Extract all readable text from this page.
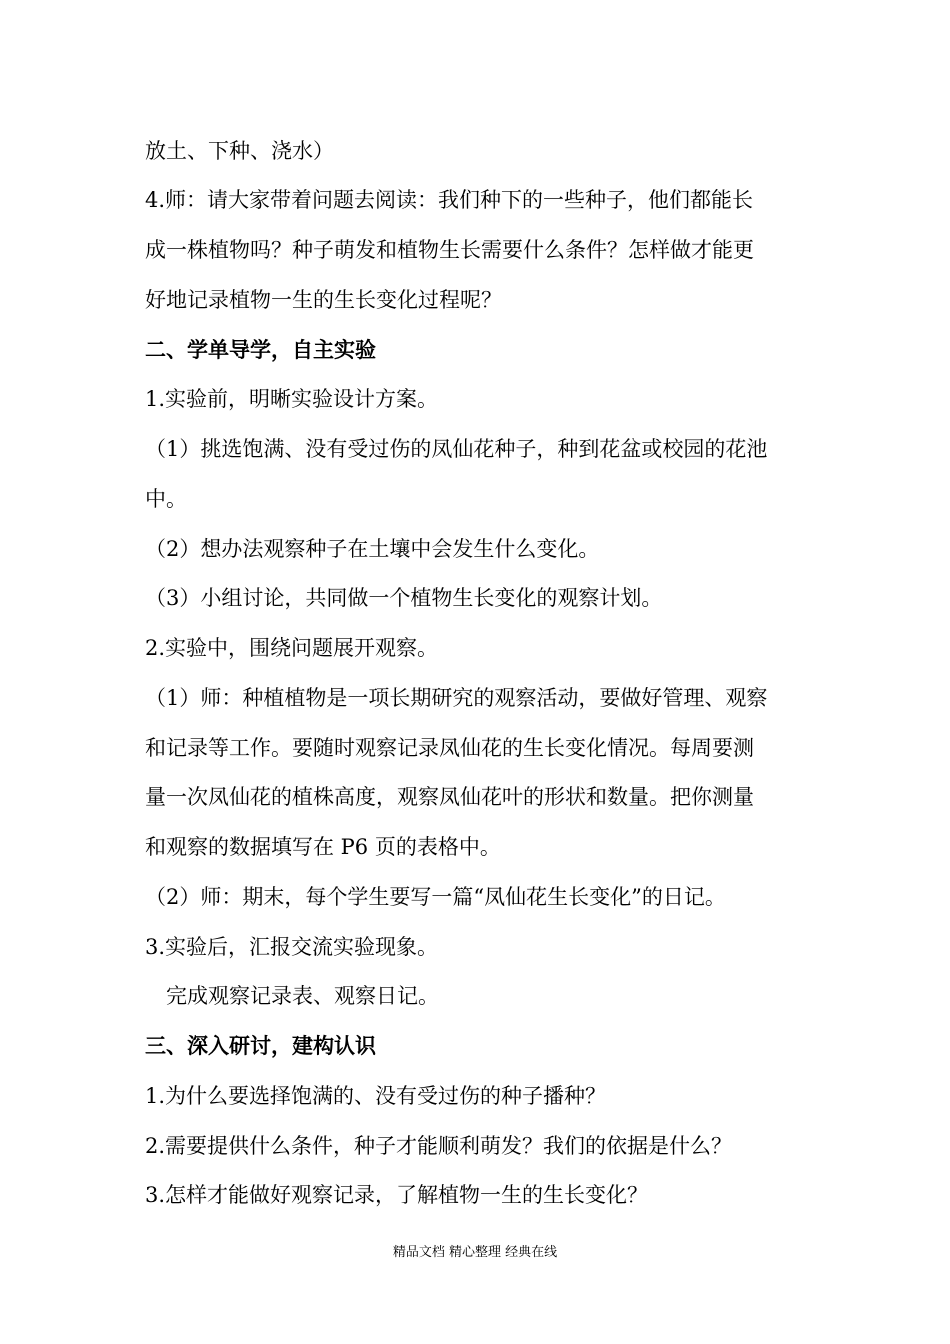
放土、下种、浇水）
4.师：请大家带着问题去阅读：我们种下的一些种子，他们都能长
成一株植物吗？种子萌发和植物生长需要什么条件？怎样做才能更
好地记录植物一生的生长变化过程呢？
二、学单导学，自主实验
1.实验前，明晰实验设计方案。
（1）挑选饱满、没有受过伤的凤仙花种子，种到花盆或校园的花池
中。
（2）想办法观察种子在土壤中会发生什么变化。
（3）小组讨论，共同做一个植物生长变化的观察计划。
2.实验中，围绕问题展开观察。
（1）师：种植植物是一项长期研究的观察活动，要做好管理、观察
和记录等工作。要随时观察记录凤仙花的生长变化情况。每周要测
量一次凤仙花的植株高度，观察凤仙花叶的形状和数量。把你测量
和观察的数据填写在 P6 页的表格中。
（2）师：期末，每个学生要写一篇“凤仙花生长变化”的日记。
3.实验后，汇报交流实验现象。
　完成观察记录表、观察日记。
三、深入研讨，建构认识
1.为什么要选择饱满的、没有受过伤的种子播种？
2.需要提供什么条件，种子才能顺利萌发？我们的依据是什么？
3.怎样才能做好观察记录，了解植物一生的生长变化？
精品文档 精心整理 经典在线
